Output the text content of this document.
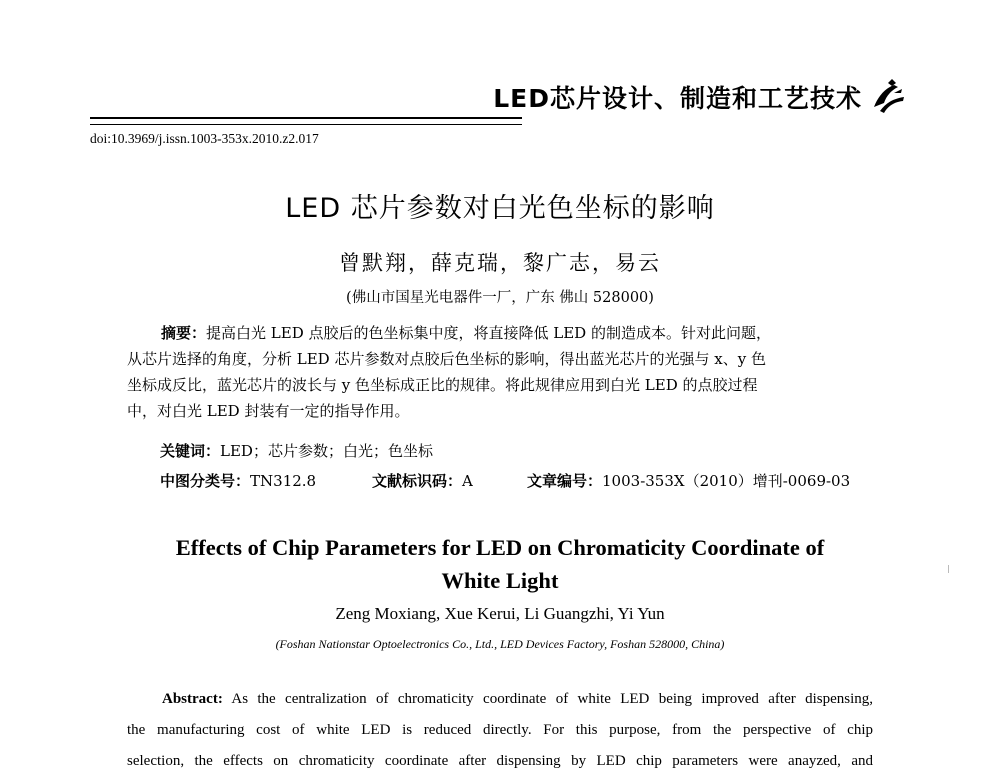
LED芯片设计、制造和工艺技术
doi:10.3969/j.issn.1003-353x.2010.z2.017
LED 芯片参数对白光色坐标的影响
曾默翔，薛克瑞，黎广志，易云
(佛山市国星光电器件一厂，广东 佛山 528000)
摘要：提高白光 LED 点胶后的色坐标集中度，将直接降低 LED 的制造成本。针对此问题，
从芯片选择的角度，分析 LED 芯片参数对点胶后色坐标的影响，得出蓝光芯片的光强与 x、y 色
坐标成反比，蓝光芯片的波长与 y 色坐标成正比的规律。将此规律应用到白光 LED 的点胶过程
中，对白光 LED 封装有一定的指导作用。
关键词：LED；芯片参数；白光；色坐标
中图分类号：TN312.8	文献标识码：A	文章编号：1003-353X（2010）增刊-0069-03
Effects of Chip Parameters for LED on Chromaticity Coordinate of
White Light
Zeng Moxiang, Xue Kerui, Li Guangzhi, Yi Yun
(Foshan Nationstar Optoelectronics Co., Ltd., LED Devices Factory, Foshan 528000, China)
Abstract: As the centralization of chromaticity coordinate of white LED being improved after dispensing,
the manufacturing cost of white LED is reduced directly. For this purpose, from the perspective of chip
selection, the effects on chromaticity coordinate after dispensing by LED chip parameters were anayzed, and
